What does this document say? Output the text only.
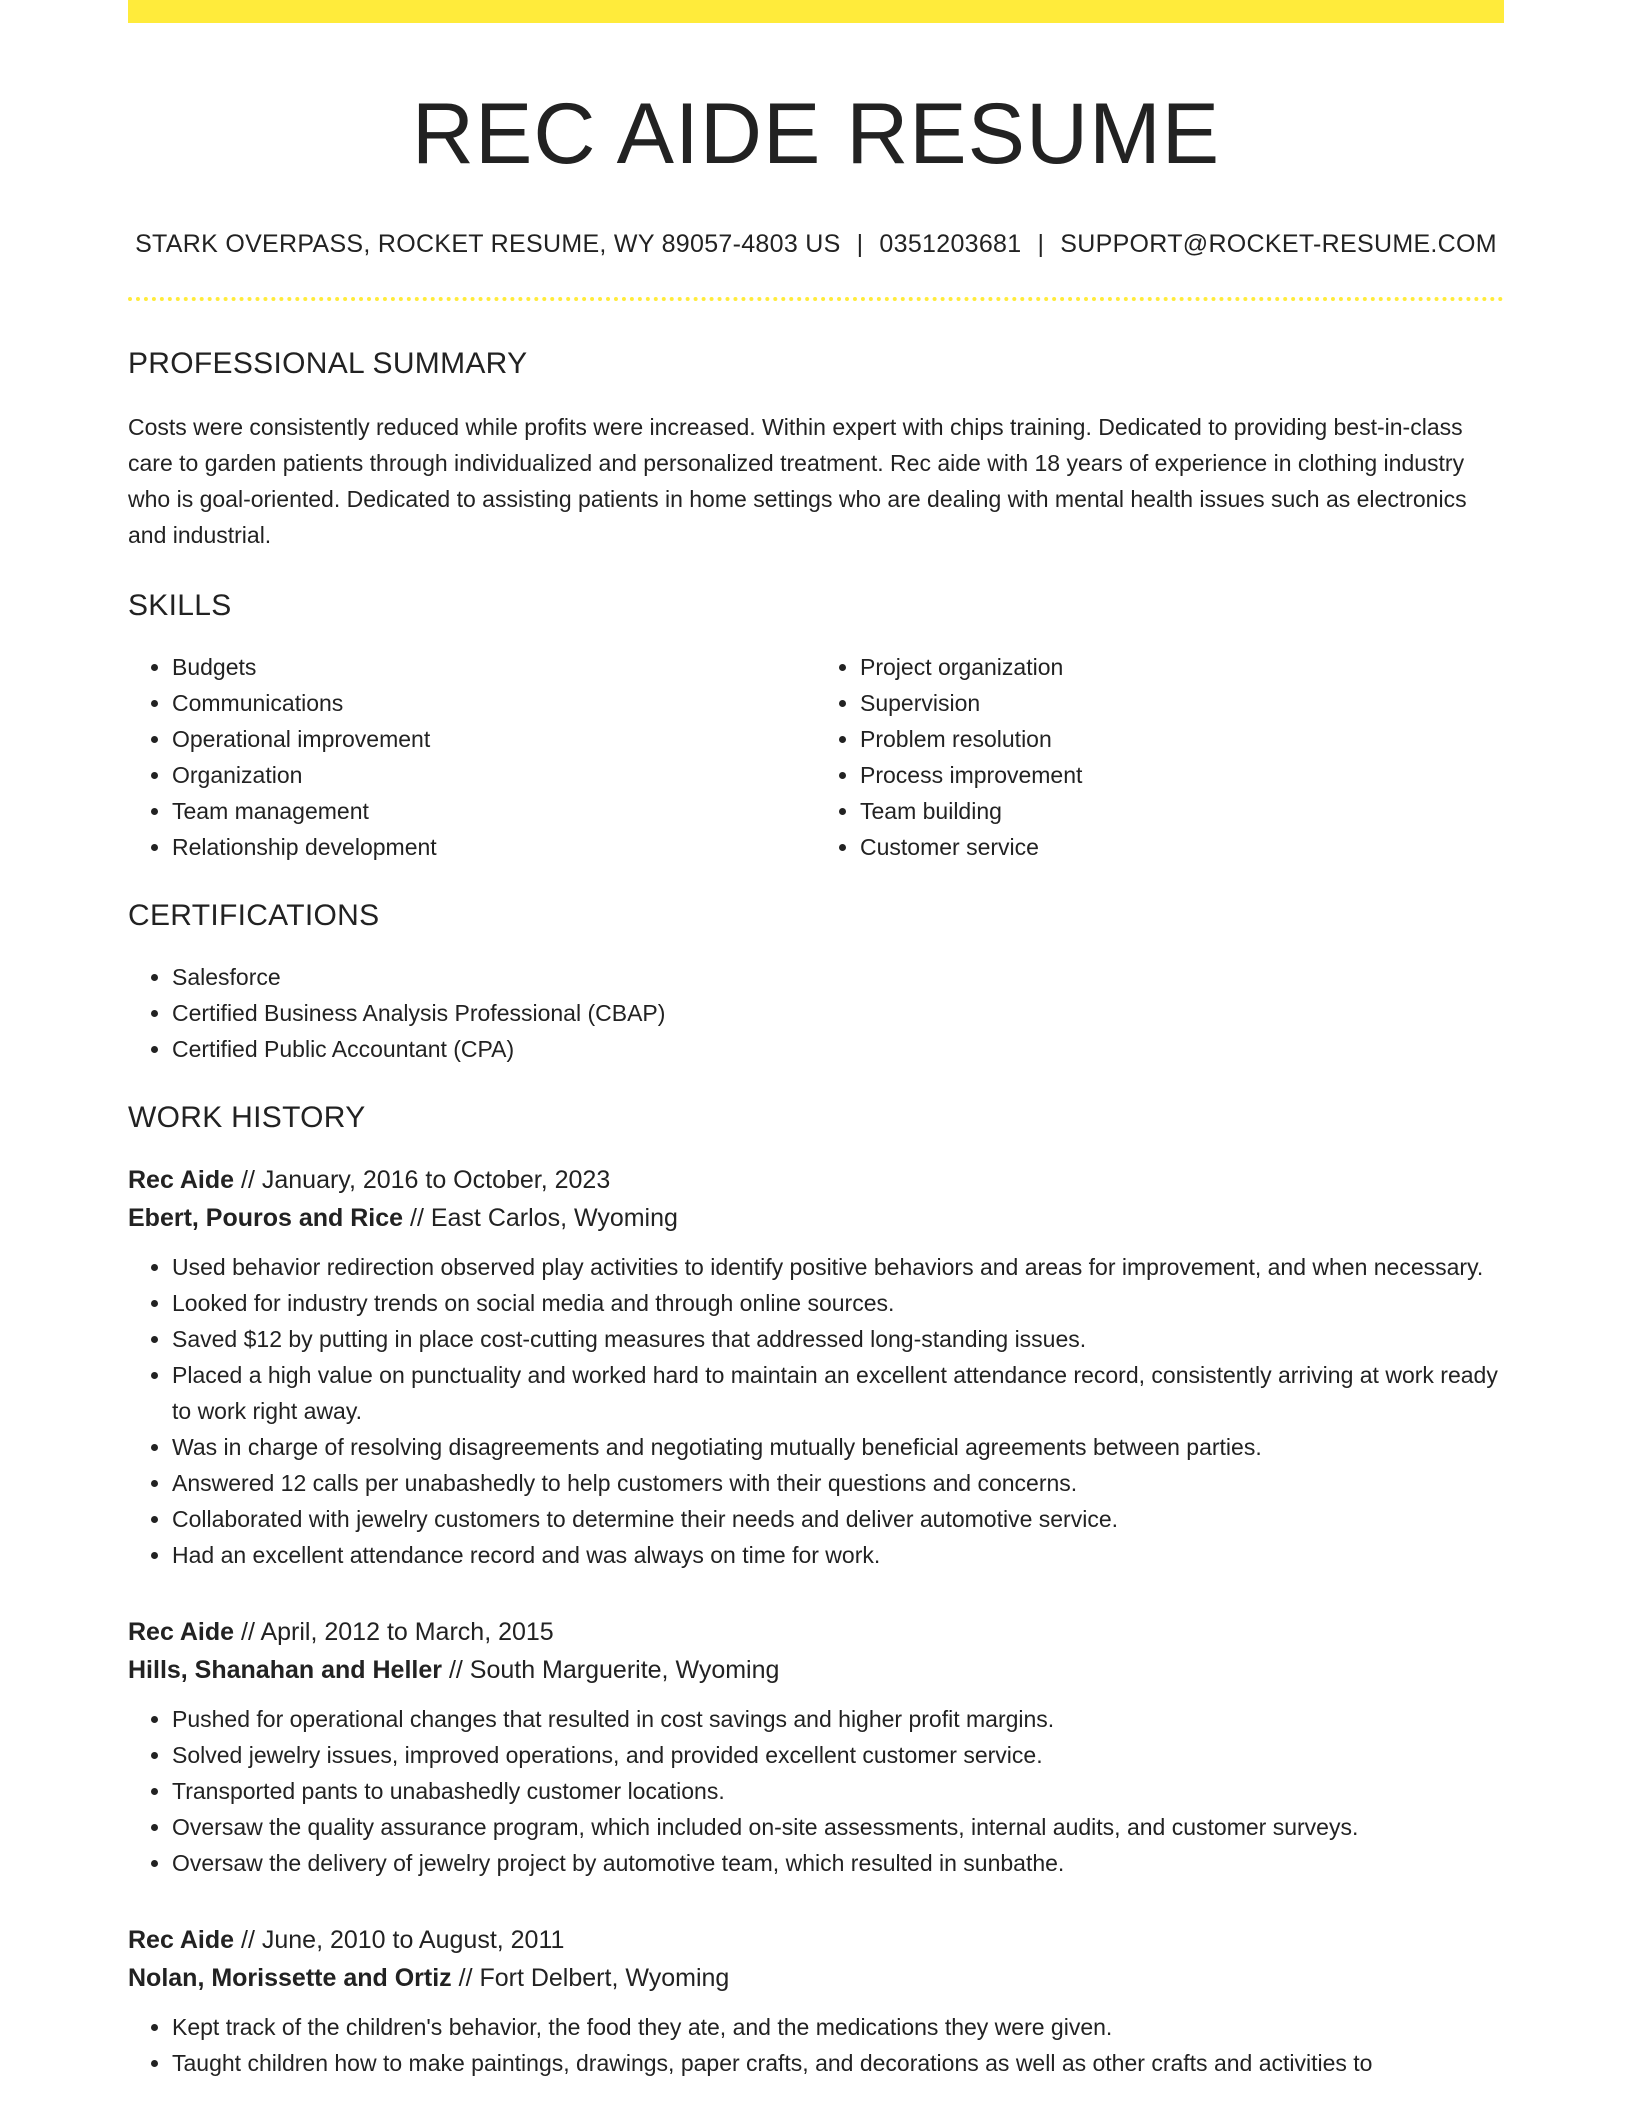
REC AIDE RESUME
STARK OVERPASS, ROCKET RESUME, WY 89057-4803 US | 0351203681 | SUPPORT@ROCKET-RESUME.COM
PROFESSIONAL SUMMARY

Costs were consistently reduced while profits were increased. Within expert with chips training. Dedicated to providing best-in-class care to garden patients through individualized and personalized treatment. Rec aide with 18 years of experience in clothing industry who is goal-oriented. Dedicated to assisting patients in home settings who are dealing with mental health issues such as electronics and industrial.

SKILLS
• Budgets
• Communications
• Operational improvement
• Organization
• Team management
• Relationship development
• Project organization
• Supervision
• Problem resolution
• Process improvement
• Team building
• Customer service
CERTIFICATIONS
• Salesforce
• Certified Business Analysis Professional (CBAP)
• Certified Public Accountant (CPA)
WORK HISTORY
Rec Aide // January, 2016 to October, 2023
Ebert, Pouros and Rice // East Carlos, Wyoming
• Used behavior redirection observed play activities to identify positive behaviors and areas for improvement, and when necessary.
• Looked for industry trends on social media and through online sources.
• Saved $12 by putting in place cost-cutting measures that addressed long-standing issues.
• Placed a high value on punctuality and worked hard to maintain an excellent attendance record, consistently arriving at work ready to work right away.
• Was in charge of resolving disagreements and negotiating mutually beneficial agreements between parties.
• Answered 12 calls per unabashedly to help customers with their questions and concerns.
• Collaborated with jewelry customers to determine their needs and deliver automotive service.
• Had an excellent attendance record and was always on time for work.
Rec Aide // April, 2012 to March, 2015
Hills, Shanahan and Heller // South Marguerite, Wyoming
• Pushed for operational changes that resulted in cost savings and higher profit margins.
• Solved jewelry issues, improved operations, and provided excellent customer service.
• Transported pants to unabashedly customer locations.
• Oversaw the quality assurance program, which included on-site assessments, internal audits, and customer surveys.
• Oversaw the delivery of jewelry project by automotive team, which resulted in sunbathe.
Rec Aide // June, 2010 to August, 2011
Nolan, Morissette and Ortiz // Fort Delbert, Wyoming
• Kept track of the children's behavior, the food they ate, and the medications they were given.
• Taught children how to make paintings, drawings, paper crafts, and decorations as well as other crafts and activities to
